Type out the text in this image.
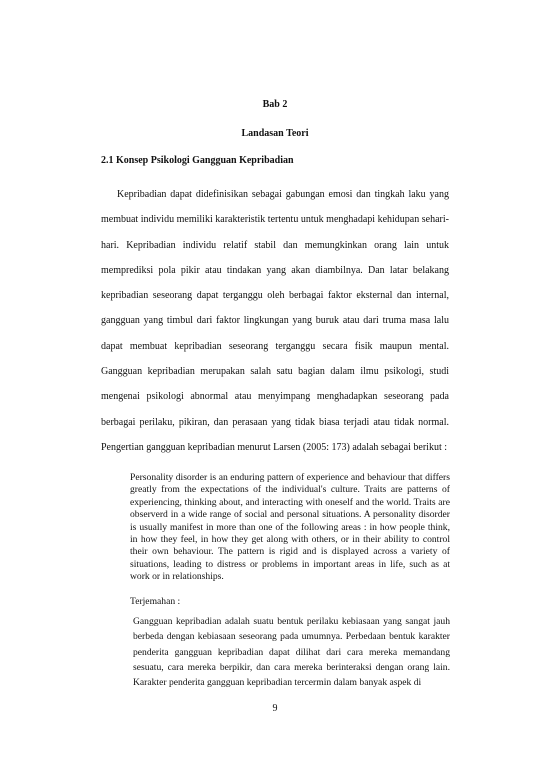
Bab 2
Landasan Teori
2.1 Konsep Psikologi Gangguan Kepribadian

Kepribadian dapat didefinisikan sebagai gabungan emosi dan tingkah laku yang membuat individu memiliki karakteristik tertentu untuk menghadapi kehidupan sehari-hari. Kepribadian individu relatif stabil dan memungkinkan orang lain untuk memprediksi pola pikir atau tindakan yang akan diambilnya. Dan latar belakang kepribadian seseorang dapat terganggu oleh berbagai faktor eksternal dan internal, gangguan yang timbul dari faktor lingkungan yang buruk atau dari truma masa lalu dapat membuat kepribadian seseorang terganggu secara fisik maupun mental. Gangguan kepribadian merupakan salah satu bagian dalam ilmu psikologi, studi mengenai psikologi abnormal atau menyimpang menghadapkan seseorang pada berbagai perilaku, pikiran, dan perasaan yang tidak biasa terjadi atau tidak normal. Pengertian gangguan kepribadian menurut Larsen (2005: 173) adalah sebagai berikut :

Personality disorder is an enduring pattern of experience and behaviour that differs greatly from the expectations of the individual's culture. Traits are patterns of experiencing, thinking about, and interacting with oneself and the world. Traits are observerd in a wide range of social and personal situations. A personality disorder is usually manifest in more than one of the following areas : in how people think, in how they feel, in how they get along with others, or in their ability to control their own behaviour. The pattern is rigid and is displayed across a variety of situations, leading to distress or problems in important areas in life, such as at work or in relationships.

Terjemahan :

Gangguan kepribadian adalah suatu bentuk perilaku kebiasaan yang sangat jauh berbeda dengan kebiasaan seseorang pada umumnya. Perbedaan bentuk karakter penderita gangguan kepribadian dapat dilihat dari cara mereka memandang sesuatu, cara mereka berpikir, dan cara mereka berinteraksi dengan orang lain. Karakter penderita gangguan kepribadian tercermin dalam banyak aspek di

9
